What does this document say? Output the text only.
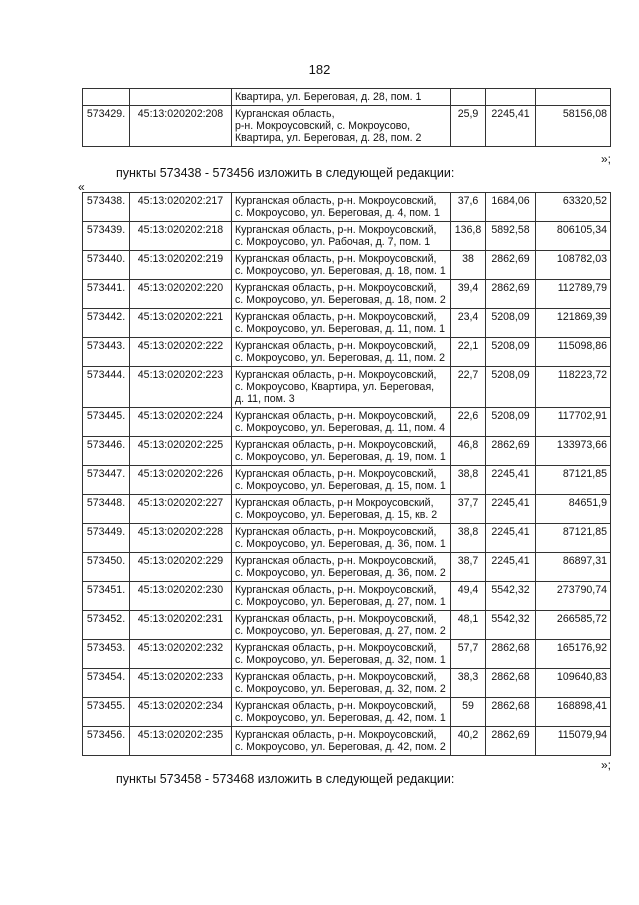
182

		Квартира, ул. Береговая, д. 28, пом. 1			

573429.	45:13:020202:208	Курганская область,
р-н. Мокроусовский, с. Мокроусово,
Квартира, ул. Береговая, д. 28, пом. 2	25,9	2245,41	58156,08
»;
пункты 573438 - 573456 изложить в следующей редакции:
«
573438.	45:13:020202:217	Курганская область, р-н. Мокроусовский,
с. Мокроусово, ул. Береговая, д. 4, пом. 1	37,6	1684,06	63320,52
573439.	45:13:020202:218	Курганская область, р-н. Мокроусовский,
с. Мокроусово, ул. Рабочая, д. 7, пом. 1	136,8	5892,58	806105,34
573440.	45:13:020202:219	Курганская область, р-н. Мокроусовский,
с. Мокроусово, ул. Береговая, д. 18, пом. 1	38	2862,69	108782,03
573441.	45:13:020202:220	Курганская область, р-н. Мокроусовский,
с. Мокроусово, ул. Береговая, д. 18, пом. 2	39,4	2862,69	112789,79
573442.	45:13:020202:221	Курганская область, р-н. Мокроусовский,
с. Мокроусово, ул. Береговая, д. 11, пом. 1	23,4	5208,09	121869,39
573443.	45:13:020202:222	Курганская область, р-н. Мокроусовский,
с. Мокроусово, ул. Береговая, д. 11, пом. 2	22,1	5208,09	115098,86
573444.	45:13:020202:223	Курганская область, р-н. Мокроусовский,
с. Мокроусово, Квартира, ул. Береговая,
д. 11, пом. 3	22,7	5208,09	118223,72
573445.	45:13:020202:224	Курганская область, р-н. Мокроусовский,
с. Мокроусово, ул. Береговая, д. 11, пом. 4	22,6	5208,09	117702,91
573446.	45:13:020202:225	Курганская область, р-н. Мокроусовский,
с. Мокроусово, ул. Береговая, д. 19, пом. 1	46,8	2862,69	133973,66
573447.	45:13:020202:226	Курганская область, р-н. Мокроусовский,
с. Мокроусово, ул. Береговая, д. 15, пом. 1	38,8	2245,41	87121,85
573448.	45:13:020202:227	Курганская область, р-н Мокроусовский,
с. Мокроусово, ул. Береговая, д. 15, кв. 2	37,7	2245,41	84651,9
573449.	45:13:020202:228	Курганская область, р-н. Мокроусовский,
с. Мокроусово, ул. Береговая, д. 36, пом. 1	38,8	2245,41	87121,85
573450.	45:13:020202:229	Курганская область, р-н. Мокроусовский,
с. Мокроусово, ул. Береговая, д. 36, пом. 2	38,7	2245,41	86897,31
573451.	45:13:020202:230	Курганская область, р-н. Мокроусовский,
с. Мокроусово, ул. Береговая, д. 27, пом. 1	49,4	5542,32	273790,74
573452.	45:13:020202:231	Курганская область, р-н. Мокроусовский,
с. Мокроусово, ул. Береговая, д. 27, пом. 2	48,1	5542,32	266585,72
573453.	45:13:020202:232	Курганская область, р-н. Мокроусовский,
с. Мокроусово, ул. Береговая, д. 32, пом. 1	57,7	2862,68	165176,92
573454.	45:13:020202:233	Курганская область, р-н. Мокроусовский,
с. Мокроусово, ул. Береговая, д. 32, пом. 2	38,3	2862,68	109640,83
573455.	45:13:020202:234	Курганская область, р-н. Мокроусовский,
с. Мокроусово, ул. Береговая, д. 42, пом. 1	59	2862,68	168898,41
573456.	45:13:020202:235	Курганская область, р-н. Мокроусовский,
с. Мокроусово, ул. Береговая, д. 42, пом. 2	40,2	2862,69	115079,94
»;
пункты 573458 - 573468 изложить в следующей редакции:
